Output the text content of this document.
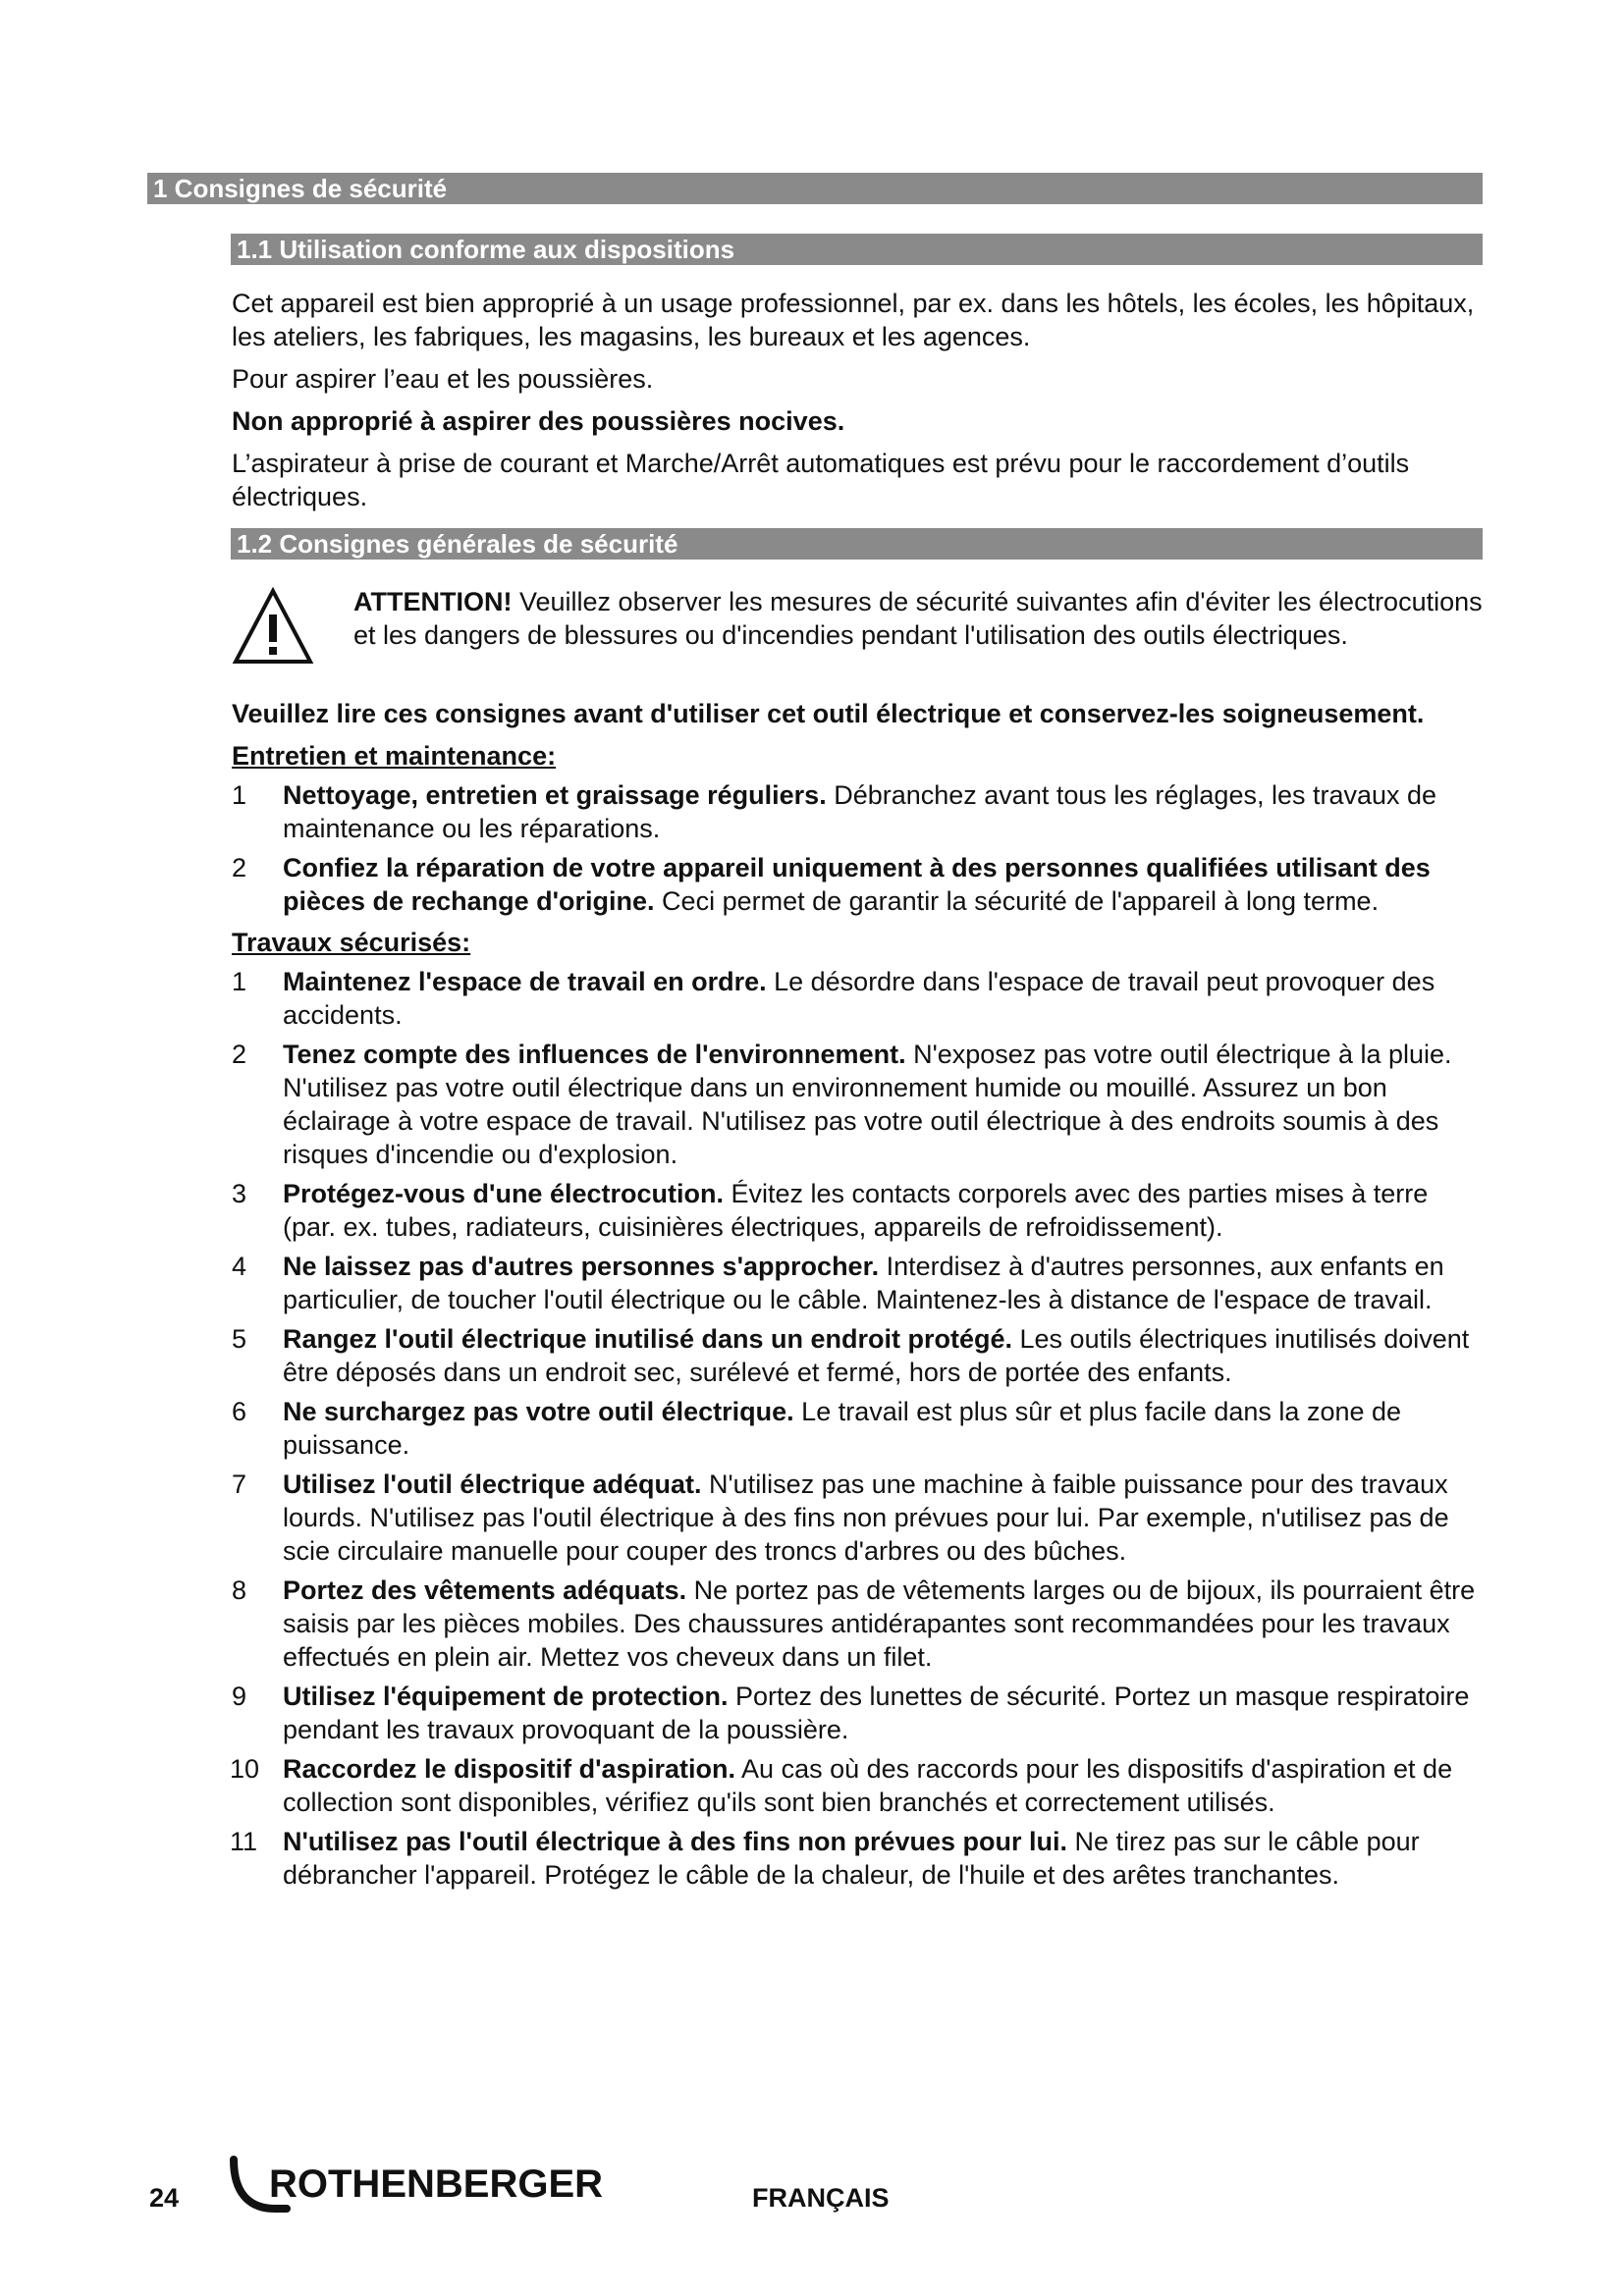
1 Consignes de sécurité
1.1 Utilisation conforme aux dispositions

Cet appareil est bien approprié à un usage professionnel, par ex. dans les hôtels, les écoles, les hôpitaux, les ateliers, les fabriques, les magasins, les bureaux et les agences.

Pour aspirer l’eau et les poussières.

Non approprié à aspirer des poussières nocives.

L’aspirateur à prise de courant et Marche/Arrêt automatiques est prévu pour le raccordement d’outils électriques.

1.2 Consignes générales de sécurité
ATTENTION! Veuillez observer les mesures de sécurité suivantes afin d'éviter les électrocutions et les dangers de blessures ou d'incendies pendant l'utilisation des outils électriques.

Veuillez lire ces consignes avant d'utiliser cet outil électrique et conservez-les soigneusement.

Entretien et maintenance:

1	Nettoyage, entretien et graissage réguliers. Débranchez avant tous les réglages, les travaux de maintenance ou les réparations.
2	Confiez la réparation de votre appareil uniquement à des personnes qualifiées utilisant des pièces de rechange d'origine. Ceci permet de garantir la sécurité de l'appareil à long terme.

Travaux sécurisés:

1	Maintenez l'espace de travail en ordre. Le désordre dans l'espace de travail peut provoquer des accidents.
2	Tenez compte des influences de l'environnement. N'exposez pas votre outil électrique à la pluie. N'utilisez pas votre outil électrique dans un environnement humide ou mouillé. Assurez un bon éclairage à votre espace de travail. N'utilisez pas votre outil électrique à des endroits soumis à des risques d'incendie ou d'explosion.
3	Protégez-vous d'une électrocution. Évitez les contacts corporels avec des parties mises à terre (par. ex. tubes, radiateurs, cuisinières électriques, appareils de refroidissement).
4	Ne laissez pas d'autres personnes s'approcher. Interdisez à d'autres personnes, aux enfants en particulier, de toucher l'outil électrique ou le câble. Maintenez-les à distance de l'espace de travail.
5	Rangez l'outil électrique inutilisé dans un endroit protégé. Les outils électriques inutilisés doivent être déposés dans un endroit sec, surélevé et fermé, hors de portée des enfants.
6	Ne surchargez pas votre outil électrique. Le travail est plus sûr et plus facile dans la zone de puissance.
7	Utilisez l'outil électrique adéquat. N'utilisez pas une machine à faible puissance pour des travaux lourds. N'utilisez pas l'outil électrique à des fins non prévues pour lui. Par exemple, n'utilisez pas de scie circulaire manuelle pour couper des troncs d'arbres ou des bûches.
8	Portez des vêtements adéquats. Ne portez pas de vêtements larges ou de bijoux, ils pourraient être saisis par les pièces mobiles. Des chaussures antidérapantes sont recommandées pour les travaux effectués en plein air. Mettez vos cheveux dans un filet.
9	Utilisez l'équipement de protection. Portez des lunettes de sécurité. Portez un masque respiratoire pendant les travaux provoquant de la poussière.
10 Raccordez le dispositif d'aspiration. Au cas où des raccords pour les dispositifs d'aspiration et de collection sont disponibles, vérifiez qu'ils sont bien branchés et correctement utilisés.
11 N'utilisez pas l'outil électrique à des fins non prévues pour lui. Ne tirez pas sur le câble pour débrancher l'appareil. Protégez le câble de la chaleur, de l'huile et des arêtes tranchantes.
24 ROTHENBERGER	FRANÇAIS
